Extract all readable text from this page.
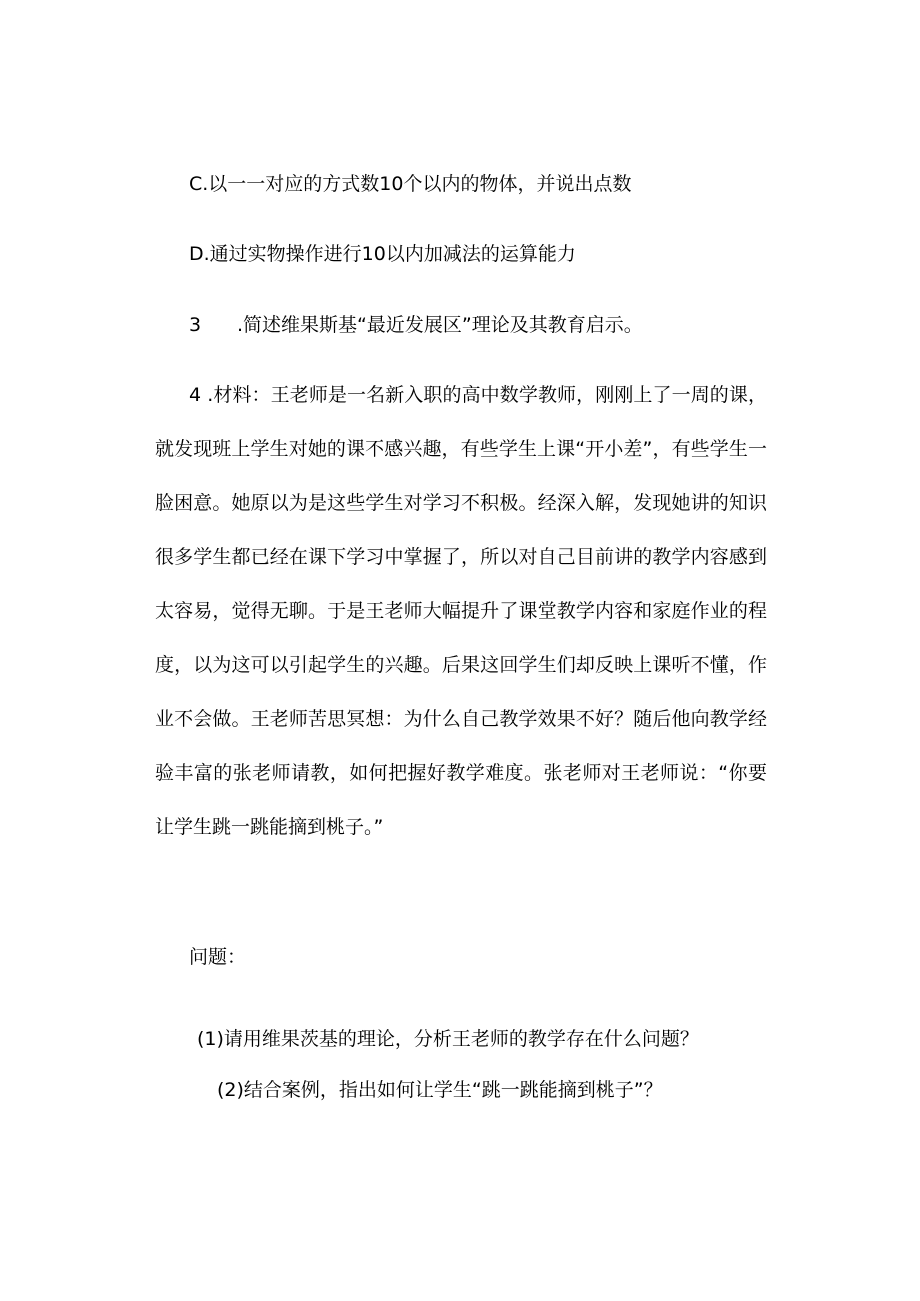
C.以一一对应的方式数10个以内的物体，并说出点数
D.通过实物操作进行10以内加减法的运算能力
3 .简述维果斯基“最近发展区”理论及其教育启示。
4 .材料：王老师是一名新入职的高中数学教师，刚刚上了一周的课，就发现班上学生对她的课不感兴趣，有些学生上课“开小差”，有些学生一脸困意。她原以为是这些学生对学习不积极。经深入解，发现她讲的知识很多学生都已经在课下学习中掌握了，所以对自己目前讲的教学内容感到太容易，觉得无聊。于是王老师大幅提升了课堂教学内容和家庭作业的程度，以为这可以引起学生的兴趣。后果这回学生们却反映上课听不懂，作业不会做。王老师苦思冥想：为什么自己教学效果不好？随后他向教学经验丰富的张老师请教，如何把握好教学难度。张老师对王老师说：“你要让学生跳一跳能摘到桃子。”
问题：
(1)请用维果茨基的理论，分析王老师的教学存在什么问题？
(2)结合案例，指出如何让学生“跳一跳能摘到桃子”？
